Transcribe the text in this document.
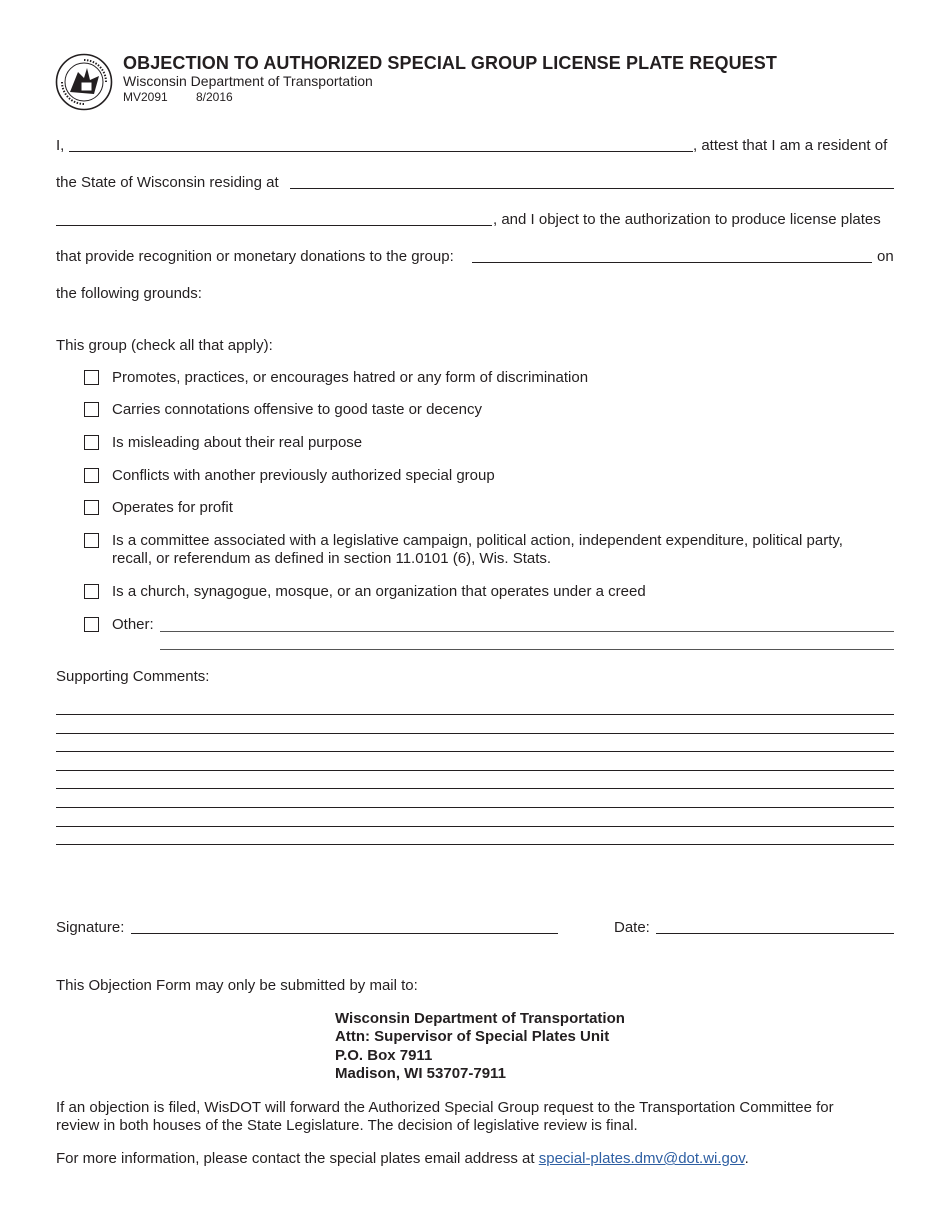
OBJECTION TO AUTHORIZED SPECIAL GROUP LICENSE PLATE REQUEST
Wisconsin Department of Transportation
MV2091 8/2016
I,	, attest that I am a resident of
the State of Wisconsin residing at
, and I object to the authorization to produce license plates
that provide recognition or monetary donations to the group:	on
the following grounds:
This group (check all that apply):
Promotes, practices, or encourages hatred or any form of discrimination
Carries connotations offensive to good taste or decency
Is misleading about their real purpose
Conflicts with another previously authorized special group
Operates for profit
Is a committee associated with a legislative campaign, political action, independent expenditure, political party,
recall, or referendum as defined in section 11.0101 (6), Wis. Stats.
Is a church, synagogue, mosque, or an organization that operates under a creed
Other:
Supporting Comments:
Signature:	Date:
This Objection Form may only be submitted by mail to:
Wisconsin Department of Transportation
Attn: Supervisor of Special Plates Unit
P.O. Box 7911
Madison, WI 53707-7911
If an objection is filed, WisDOT will forward the Authorized Special Group request to the Transportation Committee for
review in both houses of the State Legislature. The decision of legislative review is final.
For more information, please contact the special plates email address at special-plates.dmv@dot.wi.gov.
